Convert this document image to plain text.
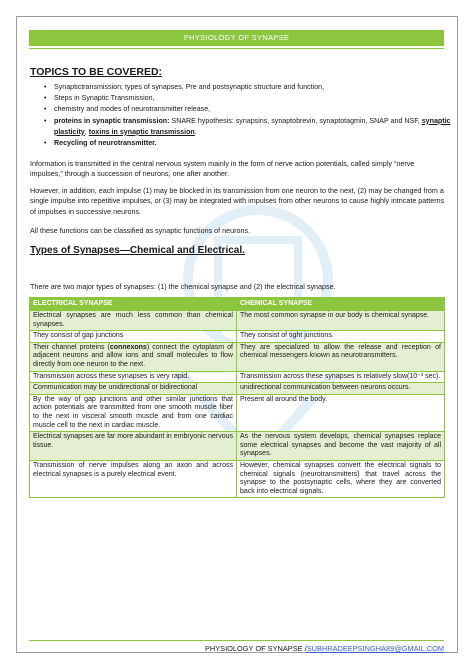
PHYSIOLOGY OF SYNAPSE
TOPICS TO BE COVERED:
• Synaptictransmission; types of synapses, Pre and postsynaptic structure and function,
• Steps in Synaptic Transmission,
• chemistry and modes of neurotransmitter release,
• proteins in synaptic transmission: SNARE hypothesis: synapsins, synaptobrevin, synaptotagmin, SNAP and NSF, synaptic plasticity, toxins in synaptic transmission.
• Recycling of neurotransmitter.

Information is transmitted in the central nervous system mainly in the form of nerve action potentials, called simply “nerve impulses,” through a succession of neurons, one after another.

However, in addition, each impulse (1) may be blocked in its transmission from one neuron to the next, (2) may be changed from a single impulse into repetitive impulses, or (3) may be integrated with impulses from other neurons to cause highly intricate patterns of impulses in successive neurons.

All these functions can be classified as synaptic functions of neurons.

Types of Synapses—Chemical and Electrical.

There are two major types of synapses: (1) the chemical synapse and (2) the electrical synapse.

ELECTRICAL SYNAPSE	CHEMICAL SYNAPSE
Electrical synapses are much less common than chemical synapses.	The most common synapse in our body is chemical synapse.
They consist of gap junctions	They consist of tight junctions.
Their channel proteins (connexons) connect the cytoplasm of adjacent neurons and allow ions and small molecules to flow directly from one neuron to the next.	They are specialized to allow the release and reception of chemical messengers known as neurotransmitters.
Transmission across these synapses is very rapid.	Transmission across these synapses is relatively slow(10⁻³ sec).
Communication may be unidirectional or bidirectional	unidirectional communication between neurons occurs.
By the way of gap junctions and other similar junctions that action potentials are transmitted from one smooth muscle fiber to the next in visceral smooth muscle and from one cardiac muscle cell to the next in cardiac muscle.	Present all around the body.
Electrical synapses are far more abundant in embryonic nervous tissue.	As the nervous system develops, chemical synapses replace some electrical synapses and become the vast majority of all synapses.
Transmission of nerve impulses along an axon and across electrical synapses is a purely electrical event.	However, chemical synapses convert the electrical signals to chemical signals (neurotransmitters) that travel across the synapse to the postsynaptic cells, where they are converted back into electrical signals.
PHYSIOLOGY OF SYNAPSE /SUBHRADEEPSINGHA89@GMAIL.COM
